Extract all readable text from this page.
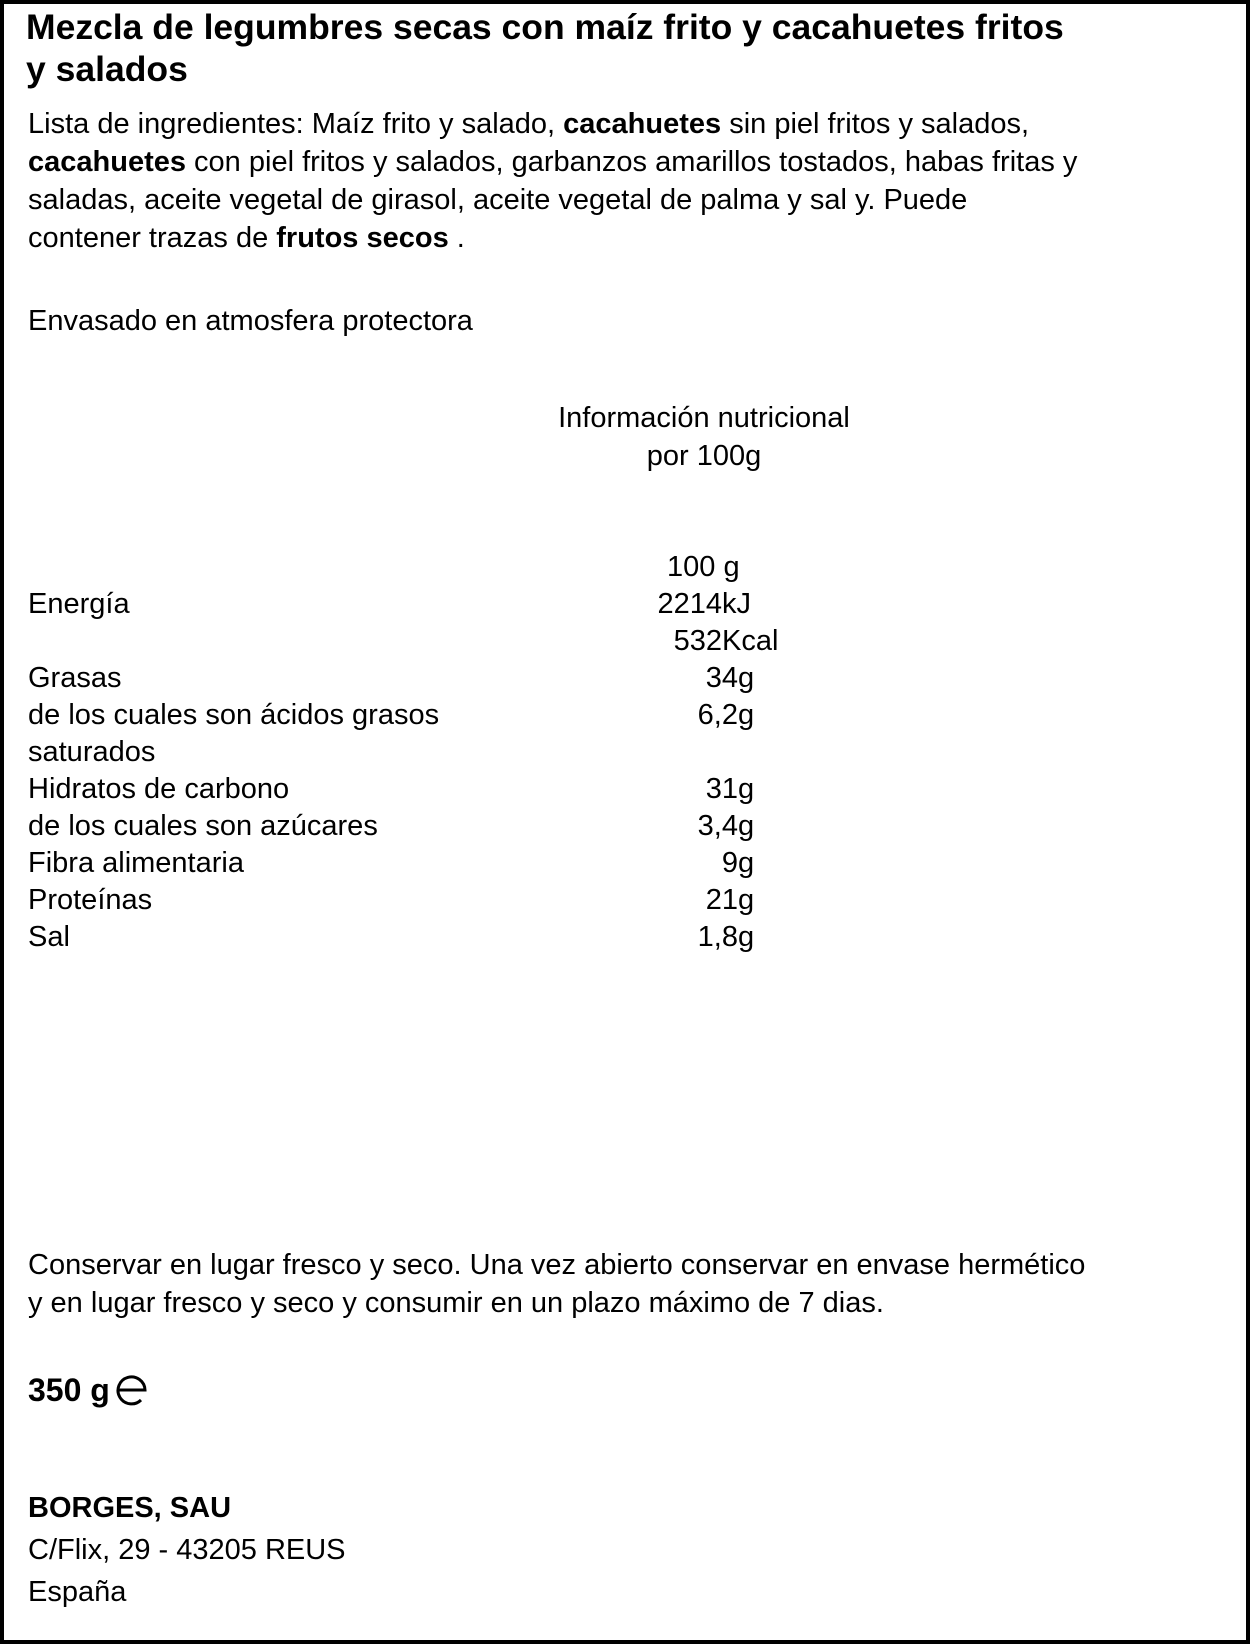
Mezcla de legumbres secas con maíz frito y cacahuetes fritos
y salados
Lista de ingredientes: Maíz frito y salado, cacahuetes sin piel fritos y salados,
cacahuetes con piel fritos y salados, garbanzos amarillos tostados, habas fritas y
saladas, aceite vegetal de girasol, aceite vegetal de palma y sal y. Puede
contener trazas de frutos secos .
Envasado en atmosfera protectora
Información nutricional
por 100g
100 g
Energía	2214kJ
532Kcal
Grasas	34g
de los cuales son ácidos grasos
saturados
6,2g
Hidratos de carbono	31g
de los cuales son azúcares	3,4g
Fibra alimentaria	9g
Proteínas	21g
Sal	1,8g
Conservar en lugar fresco y seco. Una vez abierto conservar en envase hermético
y en lugar fresco y seco y consumir en un plazo máximo de 7 dias.
350 g
BORGES, SAU
C/Flix, 29 - 43205 REUS
España
